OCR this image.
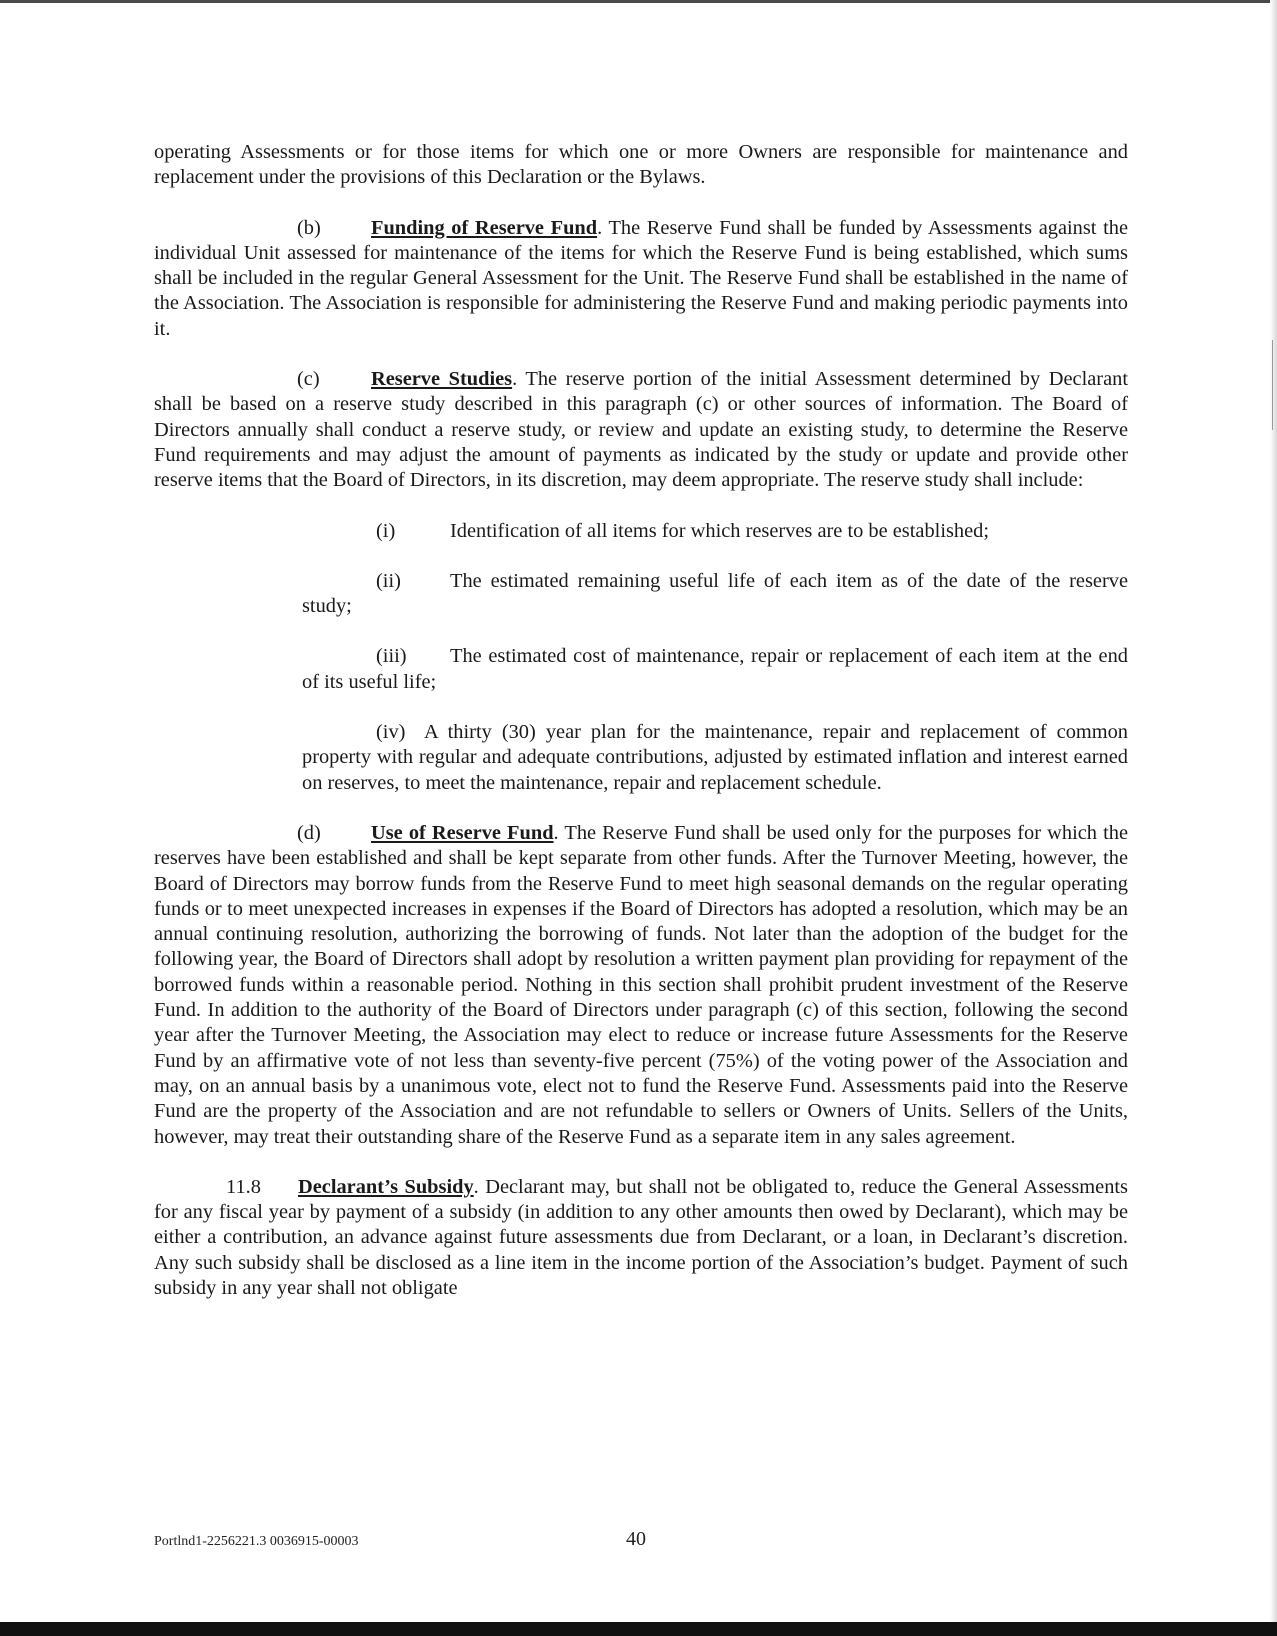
operating Assessments or for those items for which one or more Owners are responsible for maintenance and replacement under the provisions of this Declaration or the Bylaws.

(b) Funding of Reserve Fund. The Reserve Fund shall be funded by Assessments against the individual Unit assessed for maintenance of the items for which the Reserve Fund is being established, which sums shall be included in the regular General Assessment for the Unit. The Reserve Fund shall be established in the name of the Association. The Association is responsible for administering the Reserve Fund and making periodic payments into it.

(c)	Reserve Studies. The reserve portion of the initial Assessment determined by Declarant shall be based on a reserve study described in this paragraph (c) or other sources of information. The Board of Directors annually shall conduct a reserve study, or review and update an existing study, to determine the Reserve Fund requirements and may adjust the amount of payments as indicated by the study or update and provide other reserve items that the Board of Directors, in its discretion, may deem appropriate. The reserve study shall include:

(i)	Identification of all items for which reserves are to be established;

(ii) The estimated remaining useful life of each item as of the date of the reserve study;

(iii) The estimated cost of maintenance, repair or replacement of each item at the end of its useful life;

(iv) A thirty (30) year plan for the maintenance, repair and replacement of common property with regular and adequate contributions, adjusted by estimated inflation and interest earned on reserves, to meet the maintenance, repair and replacement schedule.

(d) Use of Reserve Fund. The Reserve Fund shall be used only for the purposes for which the reserves have been established and shall be kept separate from other funds. After the Turnover Meeting, however, the Board of Directors may borrow funds from the Reserve Fund to meet high seasonal demands on the regular operating funds or to meet unexpected increases in expenses if the Board of Directors has adopted a resolution, which may be an annual continuing resolution, authorizing the borrowing of funds. Not later than the adoption of the budget for the following year, the Board of Directors shall adopt by resolution a written payment plan providing for repayment of the borrowed funds within a reasonable period. Nothing in this section shall prohibit prudent investment of the Reserve Fund. In addition to the authority of the Board of Directors under paragraph (c) of this section, following the second year after the Turnover Meeting, the Association may elect to reduce or increase future Assessments for the Reserve Fund by an affirmative vote of not less than seventy-five percent (75%) of the voting power of the Association and may, on an annual basis by a unanimous vote, elect not to fund the Reserve Fund. Assessments paid into the Reserve Fund are the property of the Association and are not refundable to sellers or Owners of Units. Sellers of the Units, however, may treat their outstanding share of the Reserve Fund as a separate item in any sales agreement.

11.8 Declarant’s Subsidy. Declarant may, but shall not be obligated to, reduce the General Assessments for any fiscal year by payment of a subsidy (in addition to any other amounts then owed by Declarant), which may be either a contribution, an advance against future assessments due from Declarant, or a loan, in Declarant’s discretion. Any such subsidy shall be disclosed as a line item in the income portion of the Association’s budget. Payment of such subsidy in any year shall not obligate

Portlnd1-2256221.3 0036915-00003	40
